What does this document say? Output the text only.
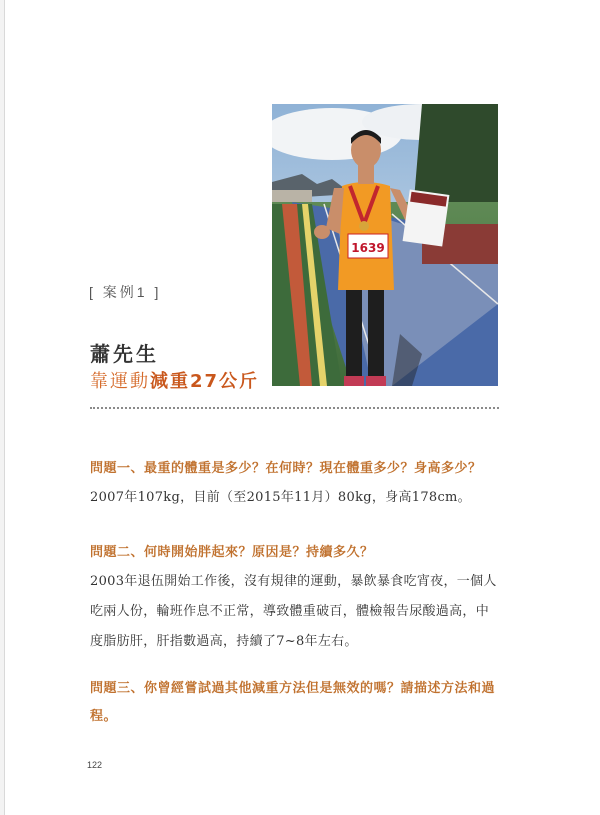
1639
[ 案例1 ]
蕭先生
靠運動減重27公斤

問題一、最重的體重是多少？在何時？現在體重多少？身高多少？

2007年107kg，目前（至2015年11月）80kg，身高178cm。

問題二、何時開始胖起來？原因是？持續多久？

2003年退伍開始工作後，沒有規律的運動，暴飲暴食吃宵夜，一個人

吃兩人份，輪班作息不正常，導致體重破百，體檢報告尿酸過高，中

度脂肪肝，肝指數過高，持續了7~8年左右。

問題三、你曾經嘗試過其他減重方法但是無效的嗎？請描述方法和過

程。

122
